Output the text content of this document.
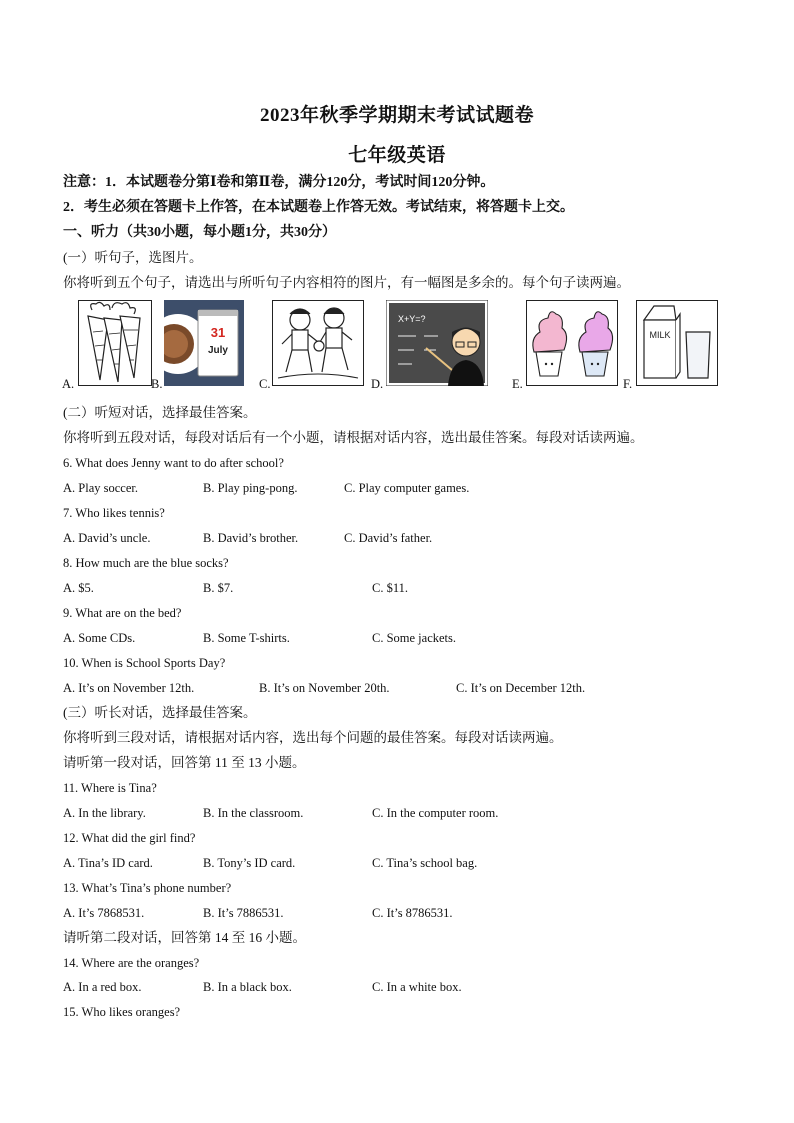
2023年秋季学期期末考试试题卷
七年级英语
注意：1．本试题卷分第Ⅰ卷和第Ⅱ卷，满分120分，考试时间120分钟。
2．考生必须在答题卡上作答，在本试题卷上作答无效。考试结束，将答题卡上交。
一、听力（共30小题，每小题1分，共30分）
(一）听句子，选图片。
你将听到五个句子，请选出与所听句子内容相符的图片，有一幅图是多余的。每个句子读两遍。
A.	B.
31
July
C.	D.
X+Y=?
E.	F.
MILK
(二）听短对话，选择最佳答案。
你将听到五段对话，每段对话后有一个小题，请根据对话内容，选出最佳答案。每段对话读两遍。
6. What does Jenny want to do after school?
A. Play soccer.	B. Play ping-pong.	C. Play computer games.
7. Who likes tennis?
A. David’s uncle.	B. David’s brother.	C. David’s father.
8. How much are the blue socks?
A. $5.	B. $7.	C. $11.
9. What are on the bed?
A. Some CDs.	B. Some T-shirts.	C. Some jackets.
10. When is School Sports Day?
A. It’s on November 12th.	B. It’s on November 20th.	C. It’s on December 12th.
(三）听长对话，选择最佳答案。
你将听到三段对话，请根据对话内容，选出每个问题的最佳答案。每段对话读两遍。
请听第一段对话，回答第 11 至 13 小题。
11. Where is Tina?
A. In the library.	B. In the classroom.	C. In the computer room.
12. What did the girl find?
A. Tina’s ID card.	B. Tony’s ID card.	C. Tina’s school bag.
13. What’s Tina’s phone number?
A. It’s 7868531.	B. It’s 7886531.	C. It’s 8786531.
请听第二段对话，回答第 14 至 16 小题。
14. Where are the oranges?
A. In a red box.	B. In a black box.	C. In a white box.
15. Who likes oranges?
